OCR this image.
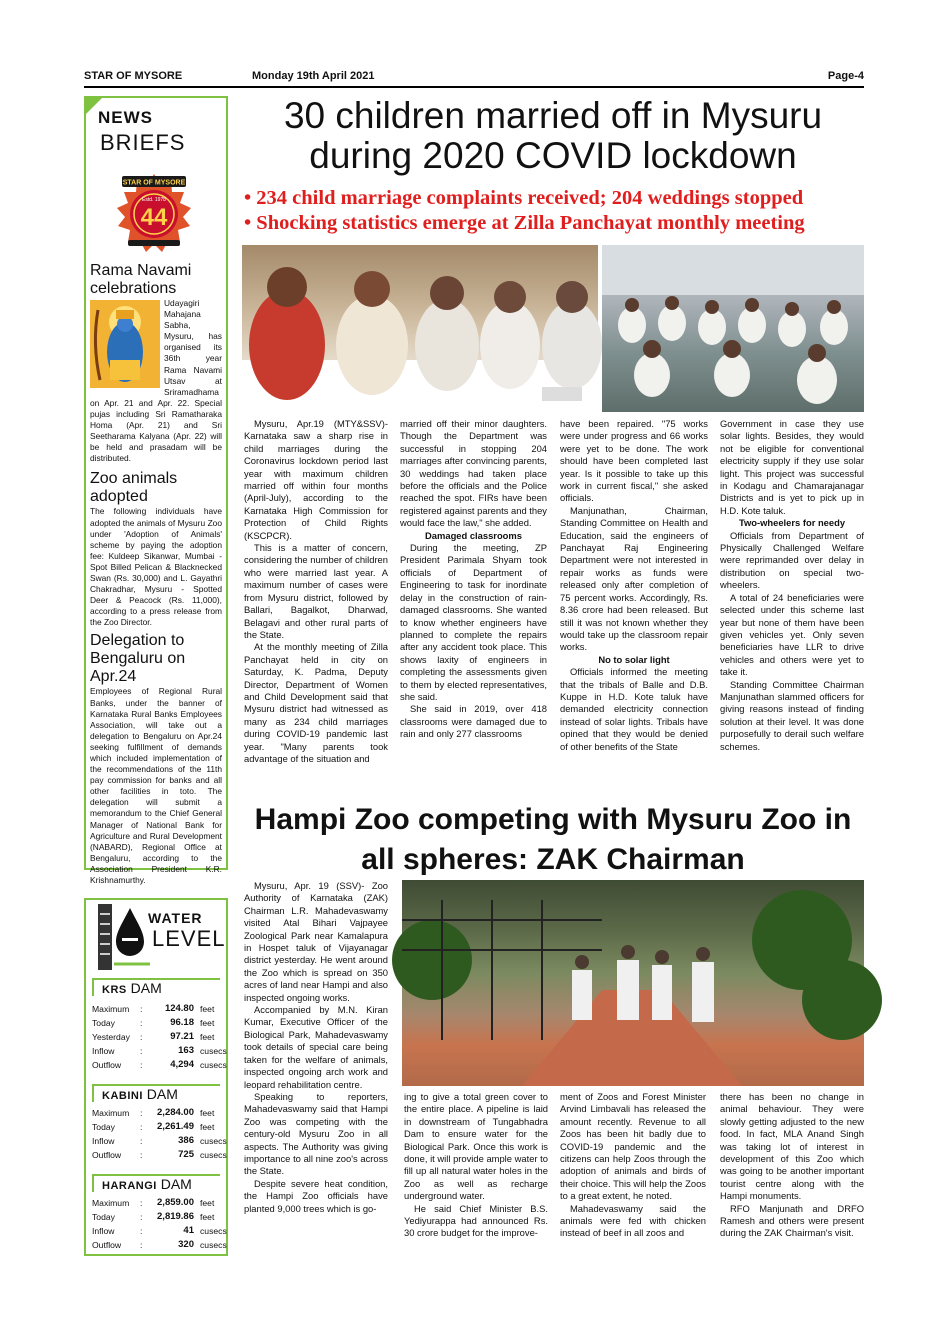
STAR OF MYSORE	Monday 19th April 2021	Page-4
NEWS
BRIEFS
STAR OF MYSORE
44
Estd. 1978
Rama Navami celebrations
Udayagiri Mahajana Sabha, Mysuru, has organised its 36th year Rama Navami Utsav at Sriramadhama on Apr. 21 and Apr. 22. Special pujas including Sri Ramatharaka Homa (Apr. 21) and Sri Seetharama Kalyana (Apr. 22) will be held and prasadam will be distributed.
Zoo animals adopted
The following individuals have adopted the animals of Mysuru Zoo under 'Adoption of Animals' scheme by paying the adoption fee: Kuldeep Sikanwar, Mumbai - Spot Billed Pelican & Blacknecked Swan (Rs. 30,000) and L. Gayathri Chakradhar, Mysuru - Spotted Deer & Peacock (Rs. 11,000), according to a press release from the Zoo Director.
Delegation to Bengaluru on Apr.24
Employees of Regional Rural Banks, under the banner of Karnataka Rural Banks Employees Association, will take out a delegation to Bengaluru on Apr.24 seeking fulfillment of demands which included implementation of the recommendations of the 11th pay commission for banks and all other facilities in toto. The delegation will submit a memorandum to the Chief General Manager of National Bank for Agriculture and Rural Development (NABARD), Regional Office at Bengaluru, according to the Association President K.R. Krishnamurthy.
30 children married off in Mysuru during 2020 COVID lockdown
• 234 child marriage complaints received; 204 weddings stopped
• Shocking statistics emerge at Zilla Panchayat monthly meeting

Mysuru, Apr.19 (MTY&SSV)- Karnataka saw a sharp rise in child marriages during the Coronavirus lockdown period last year with maximum children married off within four months (April-July), according to the Karnataka High Commission for Protection of Child Rights (KSCPCR).

This is a matter of concern, considering the number of children who were married last year. A maximum number of cases were from Mysuru district, followed by Ballari, Bagalkot, Dharwad, Belagavi and other rural parts of the State.

At the monthly meeting of Zilla Panchayat held in city on Saturday, K. Padma, Deputy Director, Department of Women and Child Development said that Mysuru district had witnessed as many as 234 child marriages during COVID-19 pandemic last year. "Many parents took advantage of the situation and

married off their minor daughters. Though the Department was successful in stopping 204 marriages after convincing parents, 30 weddings had taken place before the officials and the Police reached the spot. FIRs have been registered against parents and they would face the law," she added.

Damaged classrooms

During the meeting, ZP President Parimala Shyam took officials of Department of Engineering to task for inordinate delay in the construction of rain-damaged classrooms. She wanted to know whether engineers have planned to complete the repairs after any accident took place. This shows laxity of engineers in completing the assessments given to them by elected representatives, she said.

She said in 2019, over 418 classrooms were damaged due to rain and only 277 classrooms

have been repaired. "75 works were under progress and 66 works were yet to be done. The work should have been completed last year. Is it possible to take up this work in current fiscal," she asked officials.

Manjunathan, Chairman, Standing Committee on Health and Education, said the engineers of Panchayat Raj Engineering Department were not interested in repair works as funds were released only after completion of 75 percent works. Accordingly, Rs. 8.36 crore had been released. But still it was not known whether they would take up the classroom repair works.

No to solar light

Officials informed the meeting that the tribals of Balle and D.B. Kuppe in H.D. Kote taluk have demanded electricity connection instead of solar lights. Tribals have opined that they would be denied of other benefits of the State

Government in case they use solar lights. Besides, they would not be eligible for conventional electricity supply if they use solar light. This project was successful in Kodagu and Chamarajanagar Districts and is yet to pick up in H.D. Kote taluk.

Two-wheelers for needy

Officials from Department of Physically Challenged Welfare were reprimanded over delay in distribution on special two-wheelers.

A total of 24 beneficiaries were selected under this scheme last year but none of them have been given vehicles yet. Only seven beneficiaries have LLR to drive vehicles and others were yet to take it.

Standing Committee Chairman Manjunathan slammed officers for giving reasons instead of finding solution at their level. It was done purposefully to derail such welfare schemes.

Hampi Zoo competing with Mysuru Zoo in all spheres: ZAK Chairman

Mysuru, Apr. 19 (SSV)- Zoo Authority of Karnataka (ZAK) Chairman L.R. Mahadevaswamy visited Atal Bihari Vajpayee Zoological Park near Kamalapura in Hospet taluk of Vijayanagar district yesterday. He went around the Zoo which is spread on 350 acres of land near Hampi and also inspected ongoing works.

Accompanied by M.N. Kiran Kumar, Executive Officer of the Biological Park, Mahadevaswamy took details of special care being taken for the welfare of animals, inspected ongoing arch work and leopard rehabilitation centre.

Speaking to reporters, Mahadevaswamy said that Hampi Zoo was competing with the century-old Mysuru Zoo in all aspects. The Authority was giving importance to all nine zoo's across the State.

Despite severe heat condition, the Hampi Zoo officials have planted 9,000 trees which is go-

ing to give a total green cover to the entire place. A pipeline is laid in downstream of Tungabhadra Dam to ensure water for the Biological Park. Once this work is done, it will provide ample water to fill up all natural water holes in the Zoo as well as recharge underground water.

He said Chief Minister B.S. Yediyurappa had announced Rs. 30 crore budget for the improve-

ment of Zoos and Forest Minister Arvind Limbavali has released the amount recently. Revenue to all Zoos has been hit badly due to COVID-19 pandemic and the citizens can help Zoos through the adoption of animals and birds of their choice. This will help the Zoos to a great extent, he noted.

Mahadevaswamy said the animals were fed with chicken instead of beef in all zoos and

there has been no change in animal behaviour. They were slowly getting adjusted to the new food. In fact, MLA Anand Singh was taking lot of interest in development of this Zoo which was going to be another important tourist centre along with the Hampi monuments.

RFO Manjunath and DRFO Ramesh and others were present during the ZAK Chairman's visit.

WATER
LEVEL
KRS DAM
Maximum : 124.80 feet
Today	:	96.18 feet
Yesterday :	97.21 feet
Inflow	:	163 cusecs
Outflow :	4,294 cusecs
KABINI DAM
Maximum : 2,284.00 feet
Today	: 2,261.49 feet
Inflow	:	386 cusecs
Outflow :	725 cusecs
HARANGI DAM
Maximum : 2,859.00 feet
Today	: 2,819.86 feet
Inflow	:	41 cusecs
Outflow :	320 cusecs
